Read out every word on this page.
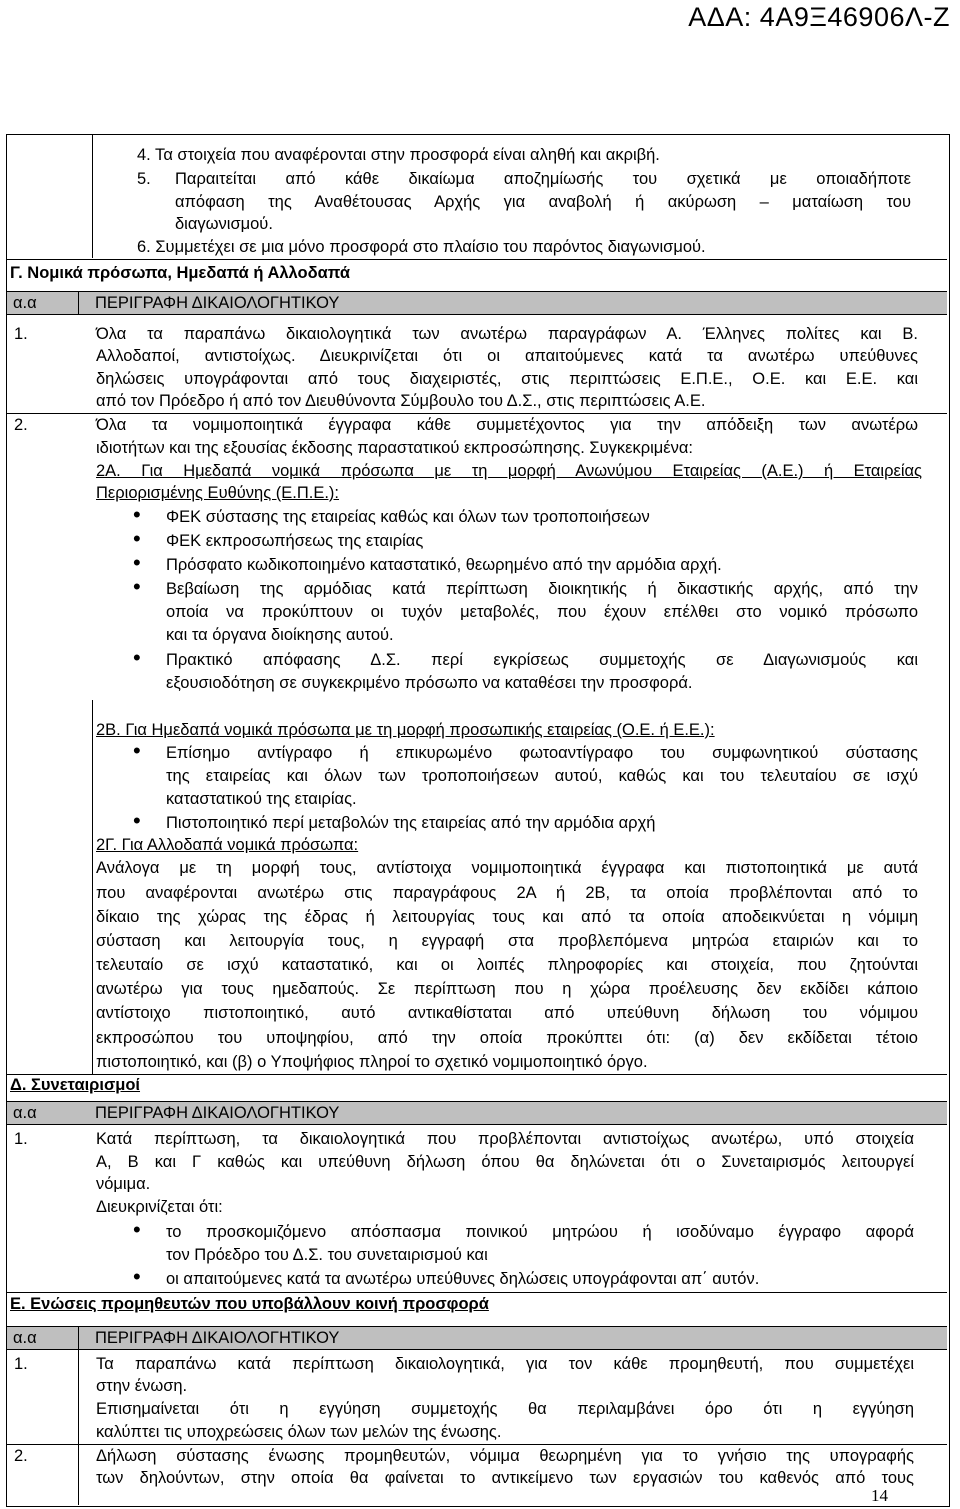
ΑΔΑ: 4Α9Ξ46906Λ-Ζ
4. Τα στοιχεία που αναφέρονται στην προσφορά είναι αληθή και ακριβή.
5. Παραιτείται από κάθε δικαίωμα αποζημίωσής του σχετικά με οποιαδήποτε
απόφαση της Αναθέτουσας Αρχής για αναβολή ή ακύρωση – ματαίωση του
διαγωνισμού.
6. Συμμετέχει σε μια μόνο προσφορά στο πλαίσιο του παρόντος διαγωνισμού.
Γ. Νομικά πρόσωπα, Ημεδαπά ή Αλλοδαπά
α.α	ΠΕΡΙΓΡΑΦΗ ΔΙΚΑΙΟΛΟΓΗΤΙΚΟΥ
1.	Όλα τα παραπάνω δικαιολογητικά των ανωτέρω παραγράφων Α. Έλληνες πολίτες και Β.
Αλλοδαποί, αντιστοίχως. Διευκρινίζεται ότι οι απαιτούμενες κατά τα ανωτέρω υπεύθυνες
δηλώσεις υπογράφονται από τους διαχειριστές, στις περιπτώσεις Ε.Π.Ε., Ο.Ε. και Ε.Ε. και
από τον Πρόεδρο ή από τον Διευθύνοντα Σύμβουλο του Δ.Σ., στις περιπτώσεις Α.Ε.
2.	Όλα τα νομιμοποιητικά έγγραφα κάθε συμμετέχοντος για την απόδειξη των ανωτέρω
ιδιοτήτων και της εξουσίας έκδοσης παραστατικού εκπροσώπησης. Συγκεκριμένα:
2Α. Για Ημεδαπά νομικά πρόσωπα με τη μορφή Ανωνύμου Εταιρείας (Α.Ε.) ή Εταιρείας
Περιορισμένης Ευθύνης (Ε.Π.Ε.):
• ΦΕΚ σύστασης της εταιρείας καθώς και όλων των τροποποιήσεων
• ΦΕΚ εκπροσωπήσεως της εταιρίας
• Πρόσφατο κωδικοποιημένο καταστατικό, θεωρημένο από την αρμόδια αρχή.
• Βεβαίωση της αρμόδιας κατά περίπτωση διοικητικής ή δικαστικής αρχής, από την
οποία να προκύπτουν οι τυχόν μεταβολές, που έχουν επέλθει στο νομικό πρόσωπο
και τα όργανα διοίκησης αυτού.
• Πρακτικό απόφασης Δ.Σ. περί εγκρίσεως συμμετοχής σε Διαγωνισμούς και
εξουσιοδότηση σε συγκεκριμένο πρόσωπο να καταθέσει την προσφορά.
2Β. Για Ημεδαπά νομικά πρόσωπα με τη μορφή προσωπικής εταιρείας (Ο.Ε. ή Ε.Ε.):
• Επίσημο αντίγραφο ή επικυρωμένο φωτοαντίγραφο του συμφωνητικού σύστασης
της εταιρείας και όλων των τροποποιήσεων αυτού, καθώς και του τελευταίου σε ισχύ
καταστατικού της εταιρίας.
• Πιστοποιητικό περί μεταβολών της εταιρείας από την αρμόδια αρχή
2Γ. Για Αλλοδαπά νομικά πρόσωπα:
Ανάλογα με τη μορφή τους, αντίστοιχα νομιμοποιητικά έγγραφα και πιστοποιητικά με αυτά
που αναφέρονται ανωτέρω στις παραγράφους 2Α ή 2Β, τα οποία προβλέπονται από το
δίκαιο της χώρας της έδρας ή λειτουργίας τους και από τα οποία αποδεικνύεται η νόμιμη
σύσταση και λειτουργία τους, η εγγραφή στα προβλεπόμενα μητρώα εταιριών και το
τελευταίο σε ισχύ καταστατικό, και οι λοιπές πληροφορίες και στοιχεία, που ζητούνται
ανωτέρω για τους ημεδαπούς. Σε περίπτωση που η χώρα προέλευσης δεν εκδίδει κάποιο
αντίστοιχο πιστοποιητικό, αυτό αντικαθίσταται από υπεύθυνη δήλωση του νόμιμου
εκπροσώπου του υποψηφίου, από την οποία προκύπτει ότι: (α) δεν εκδίδεται τέτοιο
πιστοποιητικό, και (β) ο Υποψήφιος πληροί το σχετικό νομιμοποιητικό όργο.
Δ. Συνεταιρισμοί
α.α	ΠΕΡΙΓΡΑΦΗ ΔΙΚΑΙΟΛΟΓΗΤΙΚΟΥ
1.	Κατά περίπτωση, τα δικαιολογητικά που προβλέπονται αντιστοίχως ανωτέρω, υπό στοιχεία
Α, Β και Γ καθώς και υπεύθυνη δήλωση όπου θα δηλώνεται ότι ο Συνεταιρισμός λειτουργεί
νόμιμα.
Διευκρινίζεται ότι:
• το προσκομιζόμενο απόσπασμα ποινικού μητρώου ή ισοδύναμο έγγραφο αφορά
τον Πρόεδρο του Δ.Σ. του συνεταιρισμού και
• οι απαιτούμενες κατά τα ανωτέρω υπεύθυνες δηλώσεις υπογράφονται απ΄ αυτόν.
Ε. Ενώσεις προμηθευτών που υποβάλλουν κοινή προσφορά
α.α	ΠΕΡΙΓΡΑΦΗ ΔΙΚΑΙΟΛΟΓΗΤΙΚΟΥ
1.	Τα παραπάνω κατά περίπτωση δικαιολογητικά, για τον κάθε προμηθευτή, που συμμετέχει
στην ένωση.
Επισημαίνεται ότι η εγγύηση συμμετοχής θα περιλαμβάνει όρο ότι η εγγύηση
καλύπτει τις υποχρεώσεις όλων των μελών της ένωσης.
2.	Δήλωση σύστασης ένωσης προμηθευτών, νόμιμα θεωρημένη για το γνήσιο της υπογραφής
των δηλούντων, στην οποία θα φαίνεται το αντικείμενο των εργασιών του καθενός από τους
14
